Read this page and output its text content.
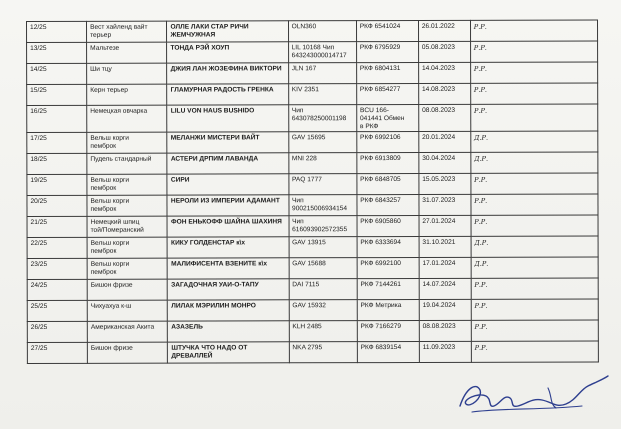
12/25	Вест хайленд вайт
терьер	ОЛЛЕ ЛАКИ СТАР РИЧИ
ЖЕМЧУЖНАЯ	OLN360	РКФ 6541024	26.01.2022	Р.Р.
13/25	Мальтезе	ТОНДА РЭЙ ХОУП	LIL 10168 Чип
643243000014717	РКФ 6795929	05.08.2023	Р.Р.
14/25	Ши тцу	ДЖИЯ ЛАН ЖОЗЕФИНА ВИКТОРИ	JLN 167	РКФ 6804131	14.04.2023	Р.Р.
15/25	Керн терьер	ГЛАМУРНАЯ РАДОСТЬ ГРЕНКА	KIV 2351	РКФ 6854277	14.08.2023	Р.Р.
16/25	Немецкая овчарка	LILU VON HAUS BUSHIDO	Чип
643078250001198	BCU 166-
041441 Обмен
в РКФ	08.08.2023	Р.Р.
17/25	Вельш корги
пемброк	МЕЛАНЖИ МИСТЕРИ ВАЙТ	GAV 15695	РКФ 6992106	20.01.2024	Д.Р.
18/25	Пудель стандарный	АСТЕРИ ДРПИМ ЛАВАНДА	MNI 228	РКФ 6913809	30.04.2024	Д.Р.
19/25	Вельш корги
пемброк	СИРИ	PAQ 1777	РКФ 6848705	15.05.2023	Р.Р.
20/25	Вельш корги
пемброк	НЕРОЛИ ИЗ ИМПЕРИИ АДАМАНТ	Чип
900215006934154	РКФ 6843257	31.07.2023	Р.Р.
21/25	Немецкий шпиц
той/Померанский	ФОН ЕНЬКОФФ ШАЙНА ШАХИНЯ	Чип
616093902572355	РКФ 6905860	27.01.2024	Р.Р.
22/25	Вельш корги
пемброк	КИКУ ГОЛДЕНСТАР к\х	GAV 13915	РКФ 6333694	31.10.2021	Д.Р.
23/25	Вельш корги
пемброк	МАЛИФИСЕНТА ВЗЕНИТЕ к\х	GAV 15688	РКФ 6992100	17.01.2024	Д.Р.
24/25	Бишон фризе	ЗАГАДОЧНАЯ УАИ-О-ТАПУ	DAI 7115	РКФ 7144261	14.07.2024	Р.Р.
25/25	Чихуахуа к-ш	ЛИЛАК МЭРИЛИН МОНРО	GAV 15932	РКФ Метрика	19.04.2024	Р.Р.
26/25	Американская Акита	АЗАЗЕЛЬ	KLH 2485	РКФ 7166279	08.08.2023	Р.Р.
27/25	Бишон фризе	ШТУЧКА ЧТО НАДО ОТ
ДРЕВАЛЛЕЙ	NKA 2795	РКФ 6839154	11.09.2023	Р.Р.
